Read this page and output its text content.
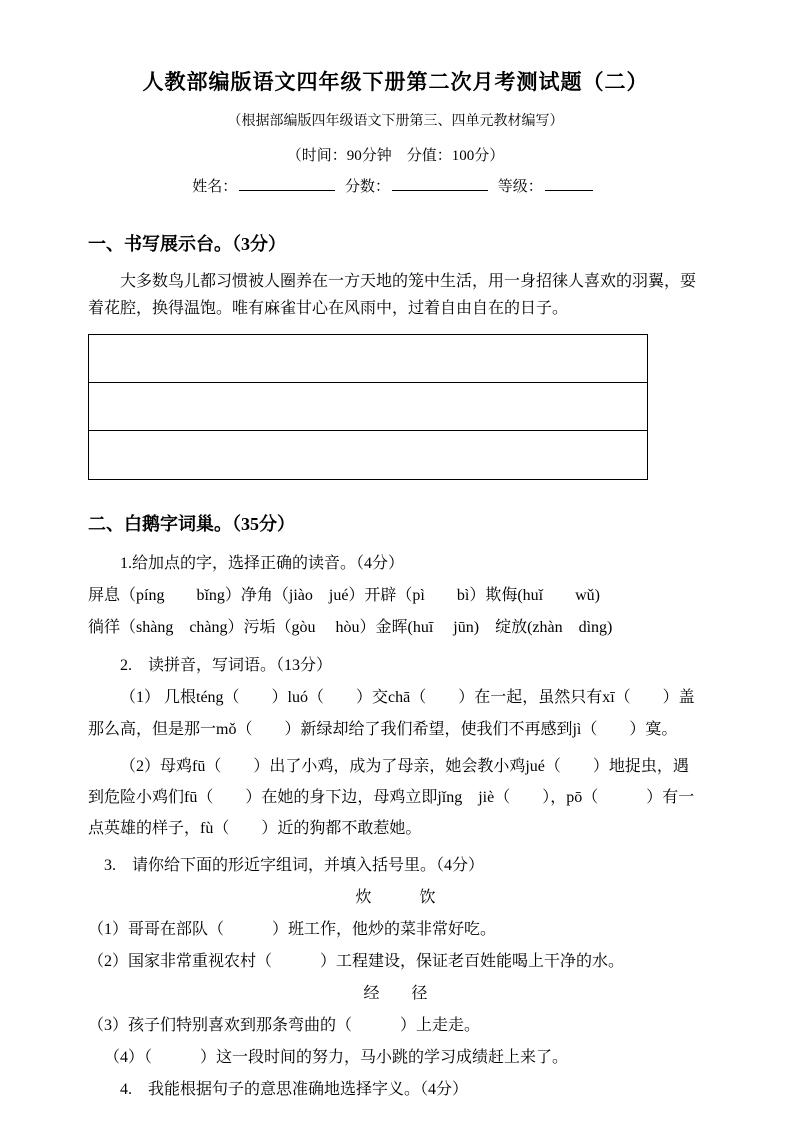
人教部编版语文四年级下册第二次月考测试题（二）
（根据部编版四年级语文下册第三、四单元教材编写）
（时间：90分钟　分值：100分）
姓名：	分数：	等级：
一、书写展示台。（3分）

大多数鸟儿都习惯被人圈养在一方天地的笼中生活，用一身招徕人喜欢的羽翼，耍着花腔，换得温饱。唯有麻雀甘心在风雨中，过着自由自在的日子。

二、白鹅字词巢。（35分）

1.给加点的字，选择正确的读音。（4分）

屏息（píng　　bǐng）净角（jiào　jué）开辟（pì　　bì）欺侮(huǐ　　wǔ)

徜徉（shàng　chàng）污垢（gòu　 hòu）金晖(huī　 jūn)　绽放(zhàn　dìng)

2.　读拼音，写词语。（13分）

（1） 几根téng（　　）luó（　　）交chā（　　）在一起，虽然只有xī（　　）盖那么高，但是那一mǒ（　　）新绿却给了我们希望，使我们不再感到jì（　　）寞。

（2）母鸡fū（　　）出了小鸡，成为了母亲，她会教小鸡jué（　　）地捉虫，遇到危险小鸡们fū（　　）在她的身下边，母鸡立即jǐng　jiè（　　），pō（　　　）有一点英雄的样子，fù（　　）近的狗都不敢惹她。

3.　请你给下面的形近字组词，并填入括号里。（4分）

炊　　　饮

（1）哥哥在部队（　　　）班工作，他炒的菜非常好吃。

（2）国家非常重视农村（　　　）工程建设，保证老百姓能喝上干净的水。

经　　径

（3）孩子们特别喜欢到那条弯曲的（　　　）上走走。

（4）（　　　）这一段时间的努力，马小跳的学习成绩赶上来了。

4.　我能根据句子的意思准确地选择字义。（4分）
